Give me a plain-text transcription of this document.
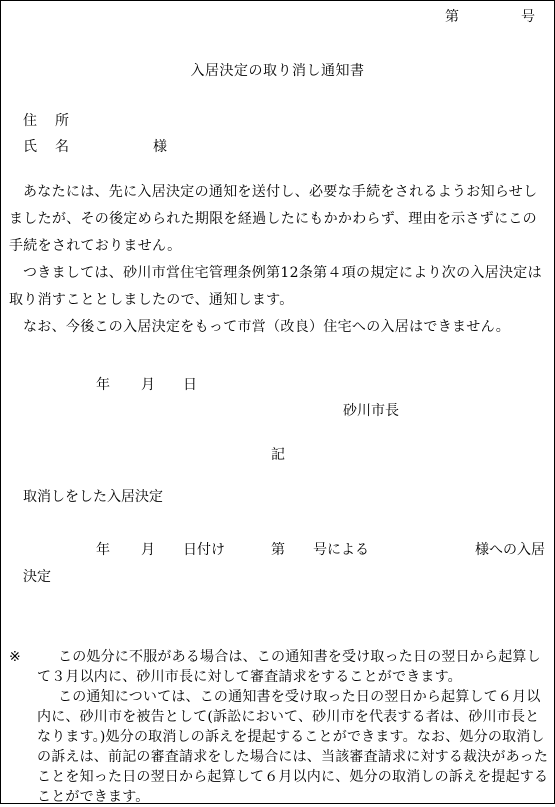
第	号
入居決定の取り消し通知書
住　所
氏　名	様
あなたには、先に入居決定の通知を送付し、必要な手続をされるようお知らせしましたが、その後定められた期限を経過したにもかかわらず、理由を示さずにこの手続をされておりません。
つきましては、砂川市営住宅管理条例第12条第４項の規定により次の入居決定は取り消すこととしましたので、通知します。
なお、今後この入居決定をもって市営（改良）住宅への入居はできません。
年 月 日
砂川市長
記
取消しをした入居決定
年 月 日付け	第 号による	様への入居
決定
※	この処分に不服がある場合は、この通知書を受け取った日の翌日から起算して３月以内に、砂川市長に対して審査請求をすることができます。
この通知については、この通知書を受け取った日の翌日から起算して６月以内に、砂川市を被告として(訴訟において、砂川市を代表する者は、砂川市長となります。)処分の取消しの訴えを提起することができます。なお、処分の取消しの訴えは、前記の審査請求をした場合には、当該審査請求に対する裁決があったことを知った日の翌日から起算して６月以内に、処分の取消しの訴えを提起することができます。
